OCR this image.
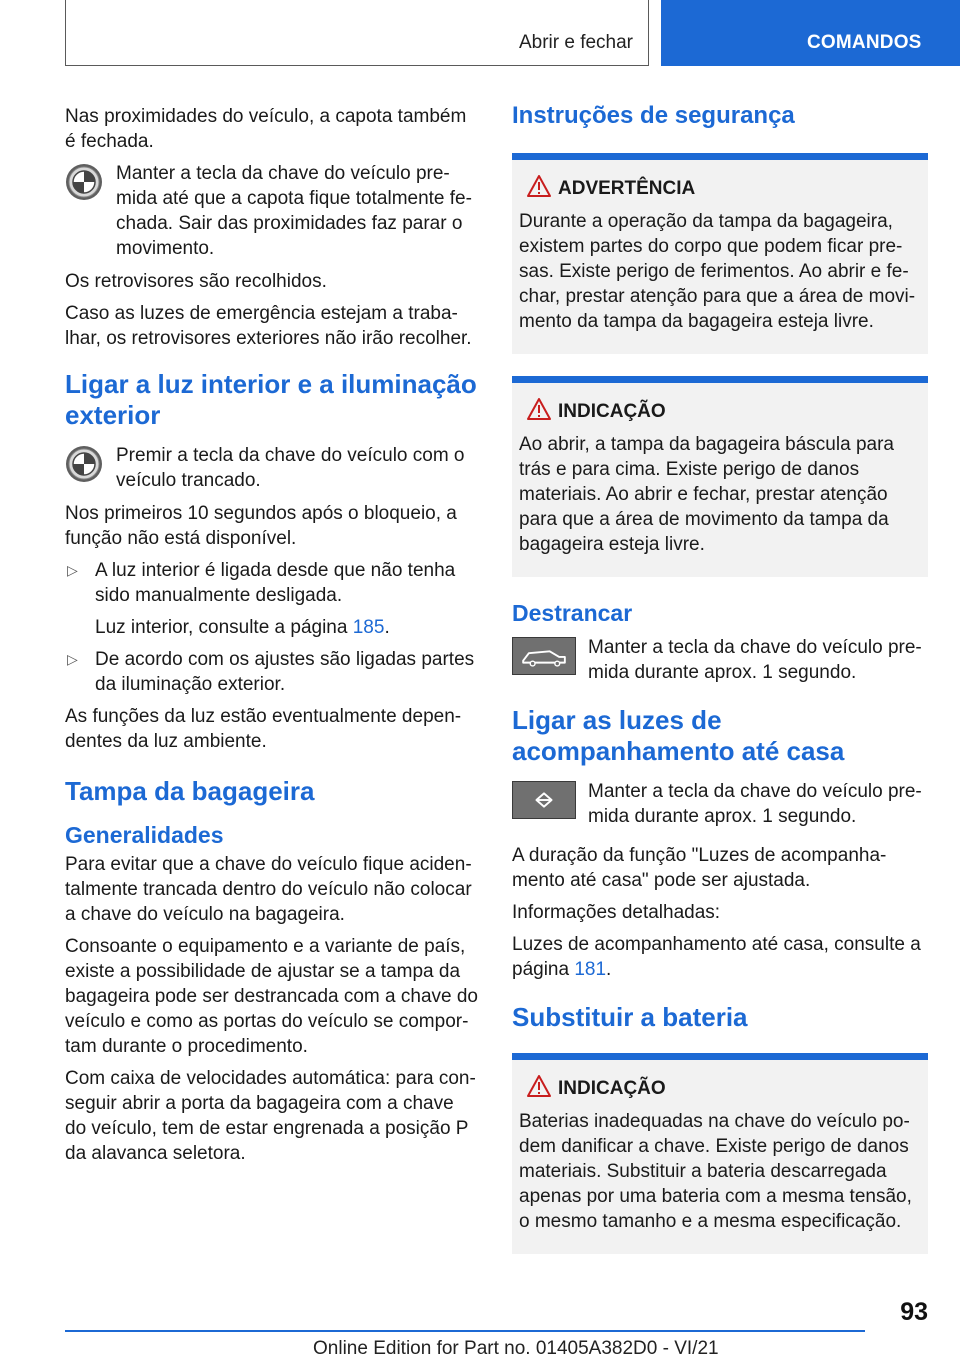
Abrir e fechar	COMANDOS

Nas proximidades do veículo, a capota também é fechada.

Manter a tecla da chave do veículo premida até que a capota fique totalmente fechada. Sair das proximidades faz parar o movimento.

Os retrovisores são recolhidos.

Caso as luzes de emergência estejam a trabalhar, os retrovisores exteriores não irão recolher.

Ligar a luz interior e a iluminação exterior

Premir a tecla da chave do veículo com o veículo trancado.

Nos primeiros 10 segundos após o bloqueio, a função não está disponível.

▷ A luz interior é ligada desde que não tenha sido manualmente desligada.

Luz interior, consulte a página 185.

▷ De acordo com os ajustes são ligadas partes da iluminação exterior.

As funções da luz estão eventualmente dependentes da luz ambiente.

Tampa da bagageira
Generalidades

Para evitar que a chave do veículo fique acidentalmente trancada dentro do veículo não colocar a chave do veículo na bagageira.

Consoante o equipamento e a variante de país, existe a possibilidade de ajustar se a tampa da bagageira pode ser destrancada com a chave do veículo e como as portas do veículo se comportam durante o procedimento.

Com caixa de velocidades automática: para conseguir abrir a porta da bagageira com a chave do veículo, tem de estar engrenada a posição P da alavanca seletora.

Instruções de segurança
ADVERTÊNCIA

Durante a operação da tampa da bagageira, existem partes do corpo que podem ficar presas. Existe perigo de ferimentos. Ao abrir e fechar, prestar atenção para que a área de movimento da tampa da bagageira esteja livre.

INDICAÇÃO

Ao abrir, a tampa da bagageira báscula para trás e para cima. Existe perigo de danos materiais. Ao abrir e fechar, prestar atenção para que a área de movimento da tampa da bagageira esteja livre.

Destrancar

Manter a tecla da chave do veículo premida durante aprox. 1 segundo.

Ligar as luzes de acompanhamento até casa

Manter a tecla da chave do veículo premida durante aprox. 1 segundo.

A duração da função "Luzes de acompanhamento até casa" pode ser ajustada.

Informações detalhadas:

Luzes de acompanhamento até casa, consulte a página 181.

Substituir a bateria
INDICAÇÃO

Baterias inadequadas na chave do veículo podem danificar a chave. Existe perigo de danos materiais. Substituir a bateria descarregada apenas por uma bateria com a mesma tensão, o mesmo tamanho e a mesma especificação.

93
Online Edition for Part no. 01405A382D0 - VI/21
